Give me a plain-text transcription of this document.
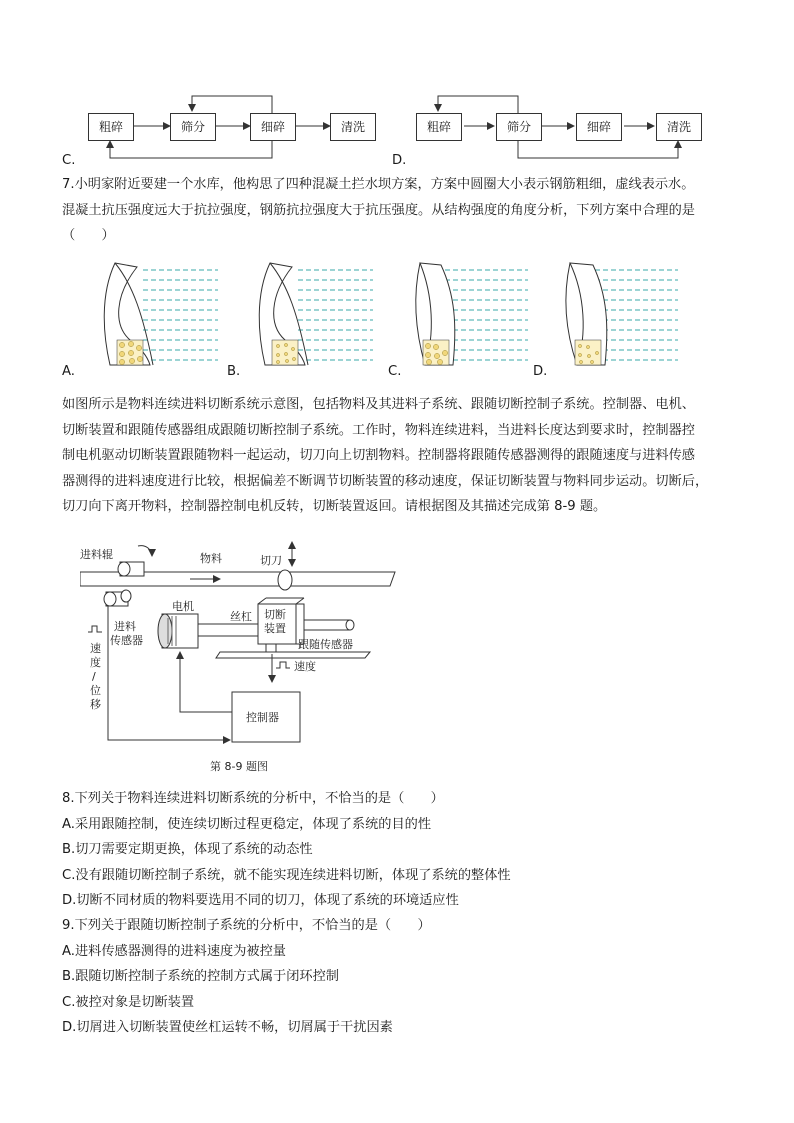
粗碎	筛分	细碎	清洗
C.
粗碎	筛分	细碎	清洗
D.
7.小明家附近要建一个水库，他构思了四种混凝土拦水坝方案，方案中圆圈大小表示钢筋粗细，虚线表示水。
混凝土抗压强度远大于抗拉强度，钢筋抗拉强度大于抗压强度。从结构强度的角度分析，下列方案中合理的是
（　　）
A.	B.	C.	D.
如图所示是物料连续进料切断系统示意图，包括物料及其进料子系统、跟随切断控制子系统。控制器、电机、
切断装置和跟随传感器组成跟随切断控制子系统。工作时，物料连续进料，当进料长度达到要求时，控制器控
制电机驱动切断装置跟随物料一起运动，切刀向上切割物料。控制器将跟随传感器测得的跟随速度与进料传感
器测得的进料速度进行比较，根据偏差不断调节切断装置的移动速度，保证切断装置与物料同步运动。切断后，
切刀向下离开物料，控制器控制电机反转，切断装置返回。请根据图及其描述完成第 8-9 题。
进料辊	物料	切刀
电机
丝杠 切断
装置
跟随传感器
进料
传感器
速
度
/
位
移
速度
控制器
第 8-9 题图
8.下列关于物料连续进料切断系统的分析中，不恰当的是（　　）
A.采用跟随控制，使连续切断过程更稳定，体现了系统的目的性
B.切刀需要定期更换，体现了系统的动态性
C.没有跟随切断控制子系统，就不能实现连续进料切断，体现了系统的整体性
D.切断不同材质的物料要选用不同的切刀，体现了系统的环境适应性
9.下列关于跟随切断控制子系统的分析中，不恰当的是（　　）
A.进料传感器测得的进料速度为被控量
B.跟随切断控制子系统的控制方式属于闭环控制
C.被控对象是切断装置
D.切屑进入切断装置使丝杠运转不畅，切屑属于干扰因素
